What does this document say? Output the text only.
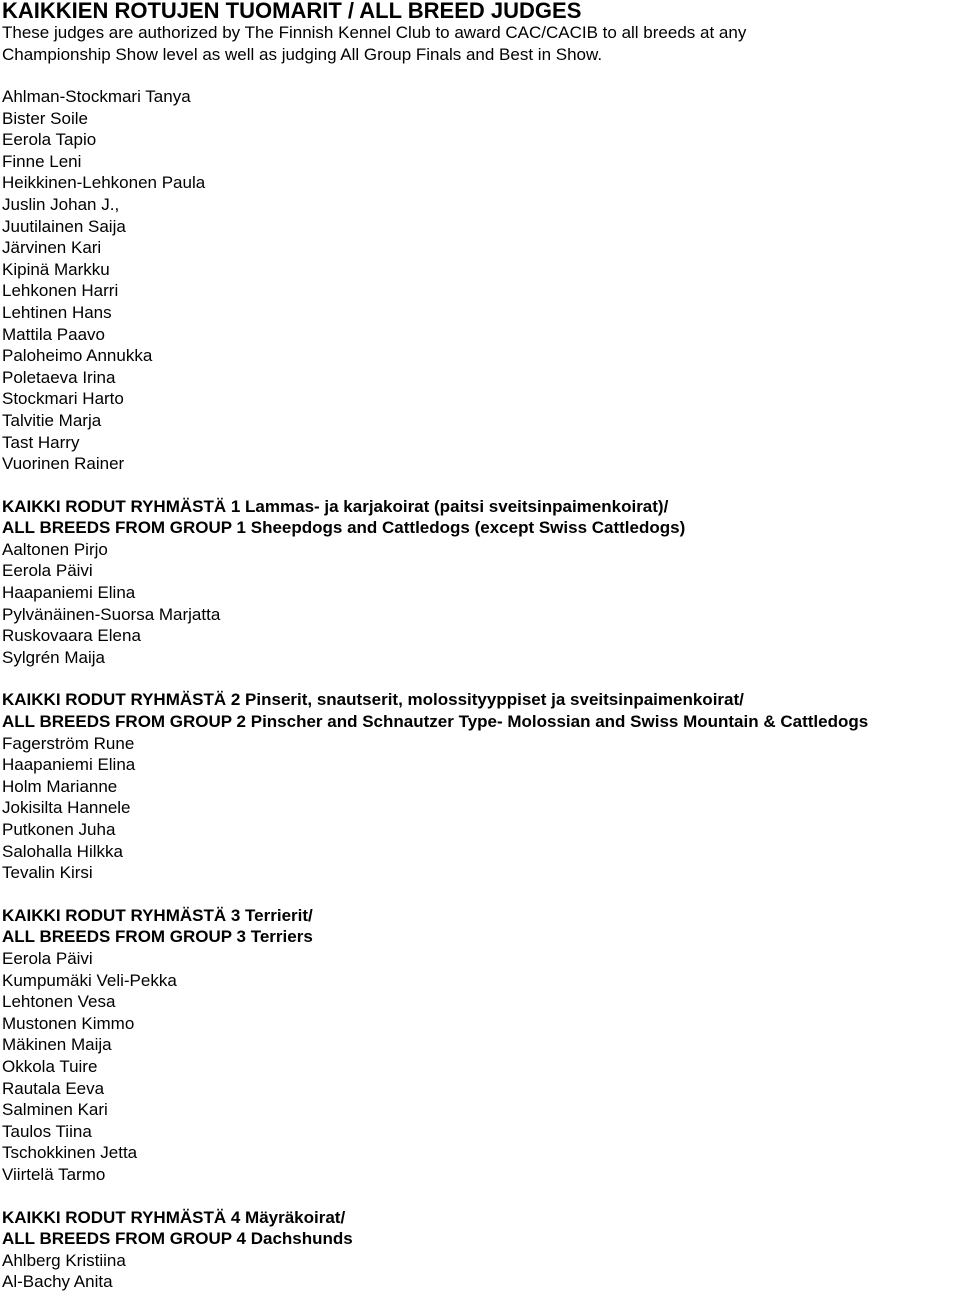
KAIKKIEN ROTUJEN TUOMARIT / ALL BREED JUDGES
These judges are authorized by The Finnish Kennel Club to award CAC/CACIB to all breeds at any
Championship Show level as well as judging All Group Finals and Best in Show.
Ahlman-Stockmari Tanya
Bister Soile
Eerola Tapio
Finne Leni
Heikkinen-Lehkonen Paula
Juslin Johan J.,
Juutilainen Saija
Järvinen Kari
Kipinä Markku
Lehkonen Harri
Lehtinen Hans
Mattila Paavo
Paloheimo Annukka
Poletaeva Irina
Stockmari Harto
Talvitie Marja
Tast Harry
Vuorinen Rainer
KAIKKI RODUT RYHMÄSTÄ 1 Lammas- ja karjakoirat (paitsi sveitsinpaimenkoirat)/
ALL BREEDS FROM GROUP 1 Sheepdogs and Cattledogs (except Swiss Cattledogs)
Aaltonen Pirjo
Eerola Päivi
Haapaniemi Elina
Pylvänäinen-Suorsa Marjatta
Ruskovaara Elena
Sylgrén Maija
KAIKKI RODUT RYHMÄSTÄ 2 Pinserit, snautserit, molossityyppiset ja sveitsinpaimenkoirat/
ALL BREEDS FROM GROUP 2 Pinscher and Schnautzer Type- Molossian and Swiss Mountain & Cattledogs
Fagerström Rune
Haapaniemi Elina
Holm Marianne
Jokisilta Hannele
Putkonen Juha
Salohalla Hilkka
Tevalin Kirsi
KAIKKI RODUT RYHMÄSTÄ 3 Terrierit/
ALL BREEDS FROM GROUP 3 Terriers
Eerola Päivi
Kumpumäki Veli-Pekka
Lehtonen Vesa
Mustonen Kimmo
Mäkinen Maija
Okkola Tuire
Rautala Eeva
Salminen Kari
Taulos Tiina
Tschokkinen Jetta
Viirtelä Tarmo
KAIKKI RODUT RYHMÄSTÄ 4 Mäyräkoirat/
ALL BREEDS FROM GROUP 4 Dachshunds
Ahlberg Kristiina
Al-Bachy Anita
